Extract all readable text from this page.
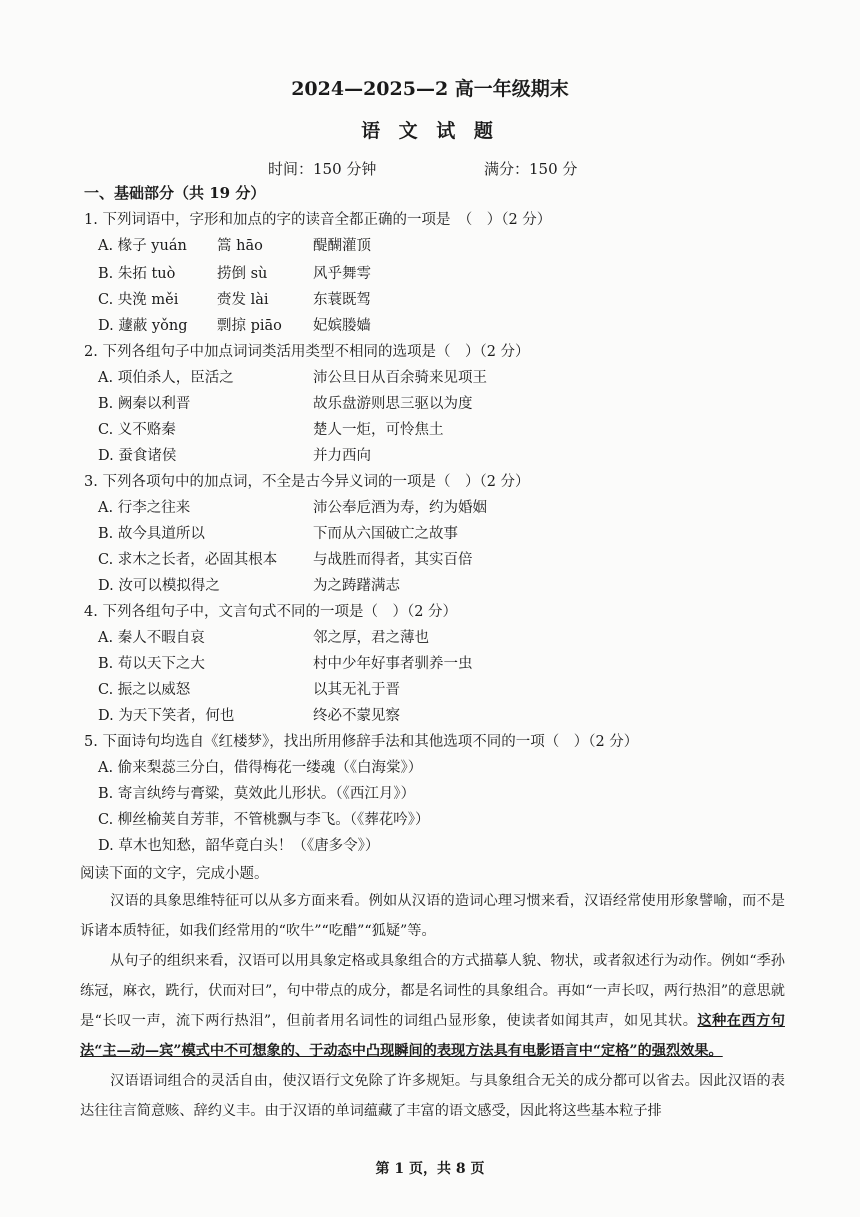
2024—2025—2 高一年级期末
语 文 试 题
时间：150 分钟	满分：150 分
一、基础部分（共 19 分）
1. 下列词语中，字形和加点的字的读音全都正确的一项是　（　）（2 分）
A. 椽子 yuán 篙 hāo	醍醐灌顶
B. 朱拓 tuò	捞倒 sù	风乎舞雩
C. 央浼 měi	赍发 lài	东蓑既驾
D. 蘧蔽 yǒng 剽掠 piāo 妃嫔媵嫱
2. 下列各组句子中加点词词类活用类型不相同的选项是（　）（2 分）
A. 项伯杀人，臣活之	沛公旦日从百余骑来见项王
B. 阙秦以利晋	故乐盘游则思三驱以为度
C. 义不赂秦	楚人一炬，可怜焦土
D. 蚕食诸侯	并力西向
3. 下列各项句中的加点词，不全是古今异义词的一项是（　）（2 分）
A. 行李之往来	沛公奉卮酒为寿，约为婚姻
B. 故今具道所以	下而从六国破亡之故事
C. 求木之长者，必固其根本 与战胜而得者，其实百倍
D. 汝可以模拟得之	为之踌躇满志
4. 下列各组句子中，文言句式不同的一项是（　）（2 分）
A. 秦人不暇自哀	邻之厚，君之薄也
B. 苟以天下之大	村中少年好事者驯养一虫
C. 振之以威怒	以其无礼于晋
D. 为天下笑者，何也	终必不蒙见察
5. 下面诗句均选自《红楼梦》，找出所用修辞手法和其他选项不同的一项（　）（2 分）
A. 偷来梨蕊三分白，借得梅花一缕魂（《白海棠》）
B. 寄言纨绔与膏粱，莫效此儿形状。（《西江月》）
C. 柳丝榆荚自芳菲，不管桃飘与李飞。（《葬花吟》）
D. 草木也知愁，韶华竟白头！（《唐多令》）
阅读下面的文字，完成小题。
汉语的具象思维特征可以从多方面来看。例如从汉语的造词心理习惯来看，汉语经常使用形象譬喻，而不是诉诸本质特征，如我们经常用的“吹牛”“吃醋”“狐疑”等。
从句子的组织来看，汉语可以用具象定格或具象组合的方式描摹人貌、物状，或者叙述行为动作。例如“季孙练冠，麻衣，跣行，伏而对曰”，句中带点的成分，都是名词性的具象组合。再如“一声长叹，两行热泪”的意思就是“长叹一声，流下两行热泪”，但前者用名词性的词组凸显形象，使读者如闻其声，如见其状。这种在西方句法“主—动—宾”模式中不可想象的、于动态中凸现瞬间的表现方法具有电影语言中“定格”的强烈效果。
汉语语词组合的灵活自由，使汉语行文免除了许多规矩。与具象组合无关的成分都可以省去。因此汉语的表达往往言简意赅、辞约义丰。由于汉语的单词蕴藏了丰富的语文感受，因此将这些基本粒子排
第 1 页，共 8 页
